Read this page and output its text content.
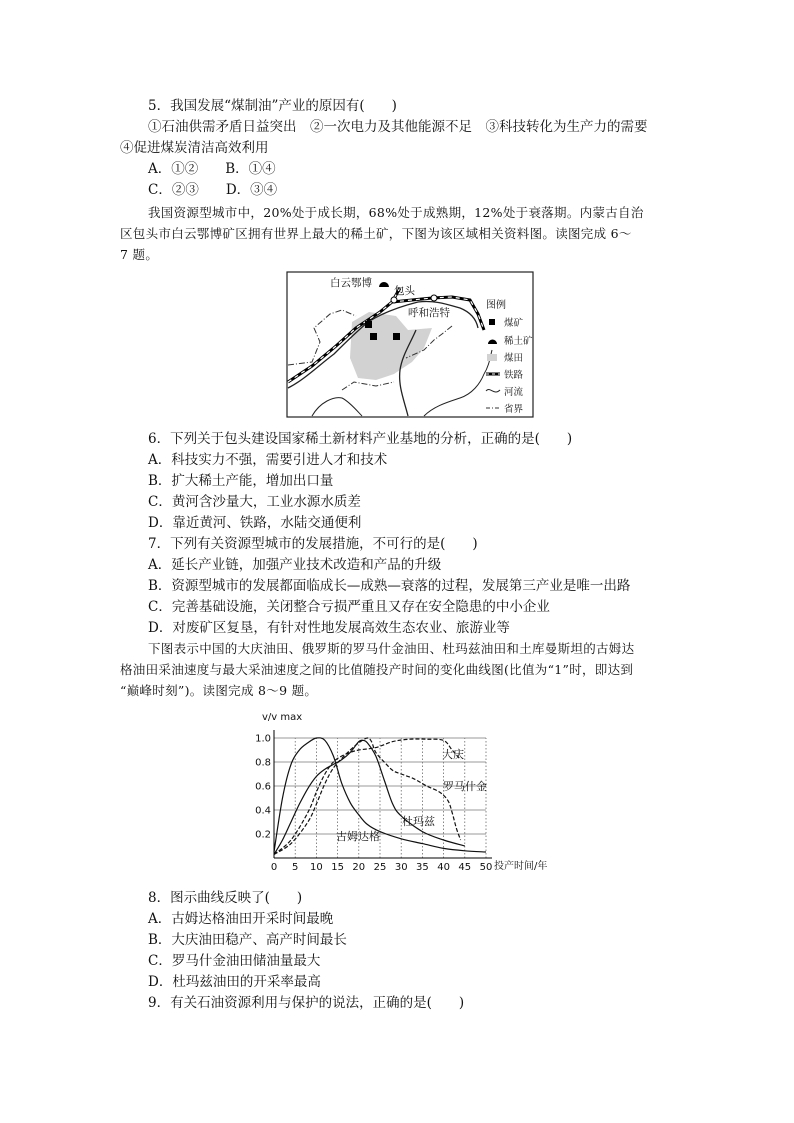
5．我国发展“煤制油”产业的原因有(　　)
①石油供需矛盾日益突出　②一次电力及其他能源不足　③科技转化为生产力的需要
④促进煤炭清洁高效利用
A．①②　　B．①④
C．②③　　D．③④
我国资源型城市中，20%处于成长期，68%处于成熟期，12%处于衰落期。内蒙古自治
区包头市白云鄂博矿区拥有世界上最大的稀土矿，下图为该区域相关资料图。读图完成 6～
7 题。
白云鄂博
包头
呼和浩特
图例
煤矿
稀土矿
煤田
铁路
河流
省界
6．下列关于包头建设国家稀土新材料产业基地的分析，正确的是(　　)
A．科技实力不强，需要引进人才和技术
B．扩大稀土产能，增加出口量
C．黄河含沙量大，工业水源水质差
D．靠近黄河、铁路，水陆交通便利
7．下列有关资源型城市的发展措施，不可行的是(　　)
A．延长产业链，加强产业技术改造和产品的升级
B．资源型城市的发展都面临成长—成熟—衰落的过程，发展第三产业是唯一出路
C．完善基础设施，关闭整合亏损严重且又存在安全隐患的中小企业
D．对废矿区复垦，有针对性地发展高效生态农业、旅游业等
下图表示中国的大庆油田、俄罗斯的罗马什金油田、杜玛兹油田和土库曼斯坦的古姆达
格油田采油速度与最大采油速度之间的比值随投产时间的变化曲线图(比值为“1”时，即达到
“巅峰时刻”)。读图完成 8～9 题。
0 5 10 15 20 25 30 35 40 45 50
0.2
0.4
0.6
0.8
1.0
v/v max
投产时间/年
大庆
罗马什金
杜玛兹
古姆达格
8．图示曲线反映了(　　)
A．古姆达格油田开采时间最晚
B．大庆油田稳产、高产时间最长
C．罗马什金油田储油量最大
D．杜玛兹油田的开采率最高
9．有关石油资源利用与保护的说法，正确的是(　　)
